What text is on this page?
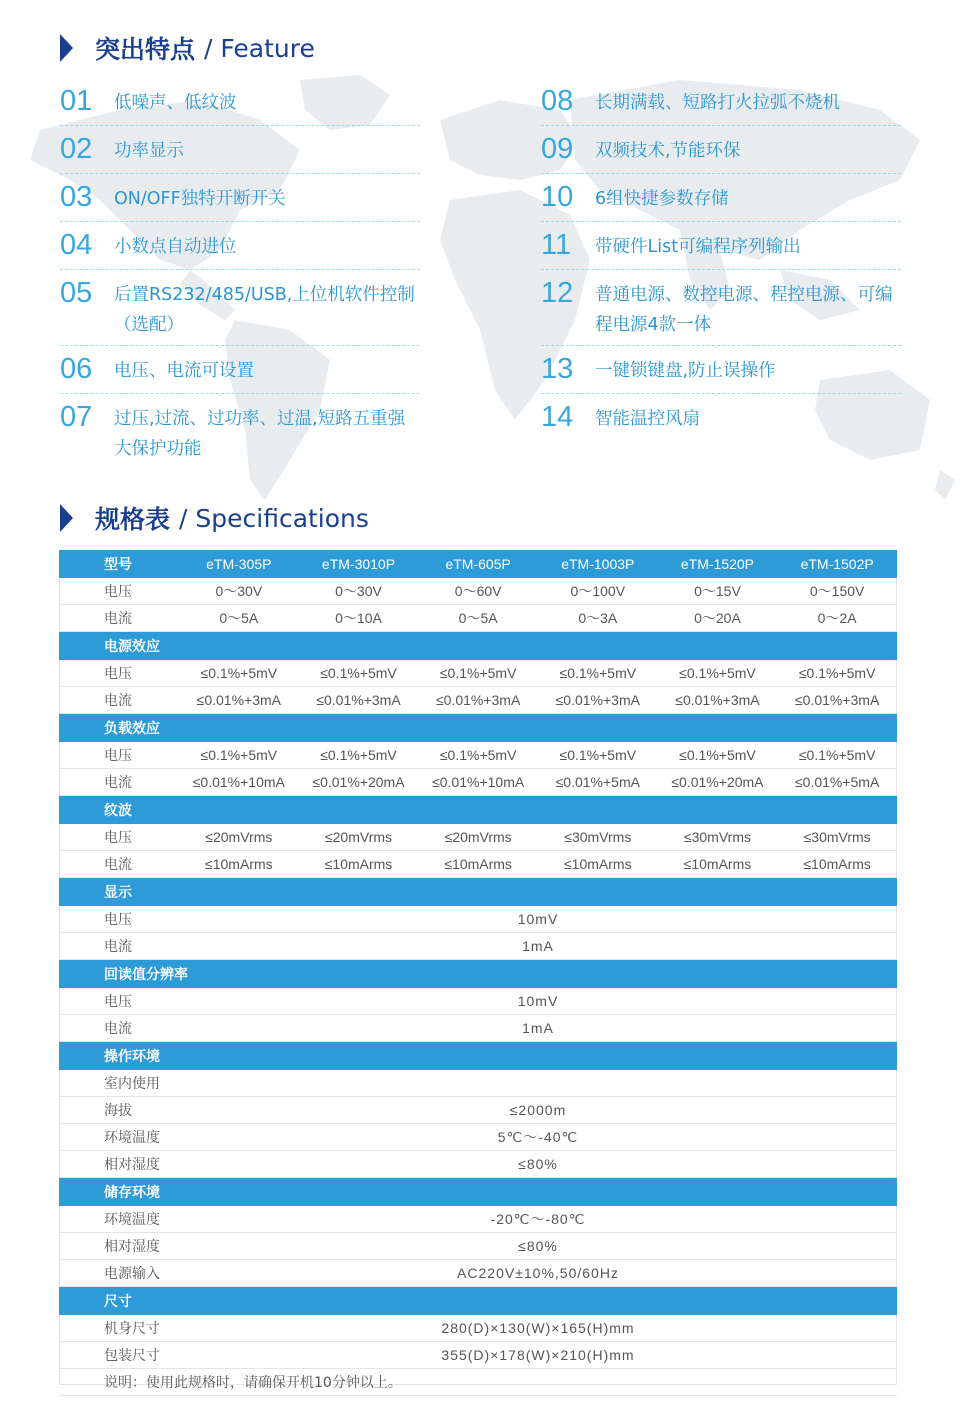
突出特点 / Feature
01	低噪声、低纹波
02	功率显示
03	ON/OFF独特开断开关
04	小数点自动进位
05	后置RS232/485/USB,上位机软件控制（选配）
06	电压、电流可设置
07	过压,过流、过功率、过温,短路五重强大保护功能
08	长期满载、短路打火拉弧不烧机
09	双频技术,节能环保
10	6组快捷参数存储
11	带硬件List可编程序列输出
12	普通电源、数控电源、程控电源、可编程电源4款一体
13	一键锁键盘,防止误操作
14	智能温控风扇
规格表 / Specifications
型号	eTM-305P	eTM-3010P	eTM-605P	eTM-1003P	eTM-1520P	eTM-1502P
电压	0～30V	0～30V	0～60V	0～100V	0～15V	0～150V
电流	0～5A	0～10A	0～5A	0～3A	0～20A	0～2A
电源效应						
电压	≤0.1%+5mV	≤0.1%+5mV	≤0.1%+5mV	≤0.1%+5mV	≤0.1%+5mV	≤0.1%+5mV
电流	≤0.01%+3mA	≤0.01%+3mA	≤0.01%+3mA	≤0.01%+3mA	≤0.01%+3mA	≤0.01%+3mA
负载效应						
电压	≤0.1%+5mV	≤0.1%+5mV	≤0.1%+5mV	≤0.1%+5mV	≤0.1%+5mV	≤0.1%+5mV
电流	≤0.01%+10mA	≤0.01%+20mA	≤0.01%+10mA	≤0.01%+5mA	≤0.01%+20mA	≤0.01%+5mA
纹波						
电压	≤20mVrms	≤20mVrms	≤20mVrms	≤30mVrms	≤30mVrms	≤30mVrms
电流	≤10mArms	≤10mArms	≤10mArms	≤10mArms	≤10mArms	≤10mArms
显示						
电压	10mV					
电流	1mA					
回读值分辨率						
电压	10mV					
电流	1mA					
操作环境						
室内使用						
海拔	≤2000m					
环境温度	5℃～-40℃					
相对湿度	≤80%					
储存环境						
环境温度	-20℃～-80℃					
相对湿度	≤80%					
电源输入	AC220V±10%,50/60Hz					
尺寸						
机身尺寸	280(D)×130(W)×165(H)mm					
包装尺寸	355(D)×178(W)×210(H)mm					
说明：使用此规格时，请确保开机10分钟以上。						
